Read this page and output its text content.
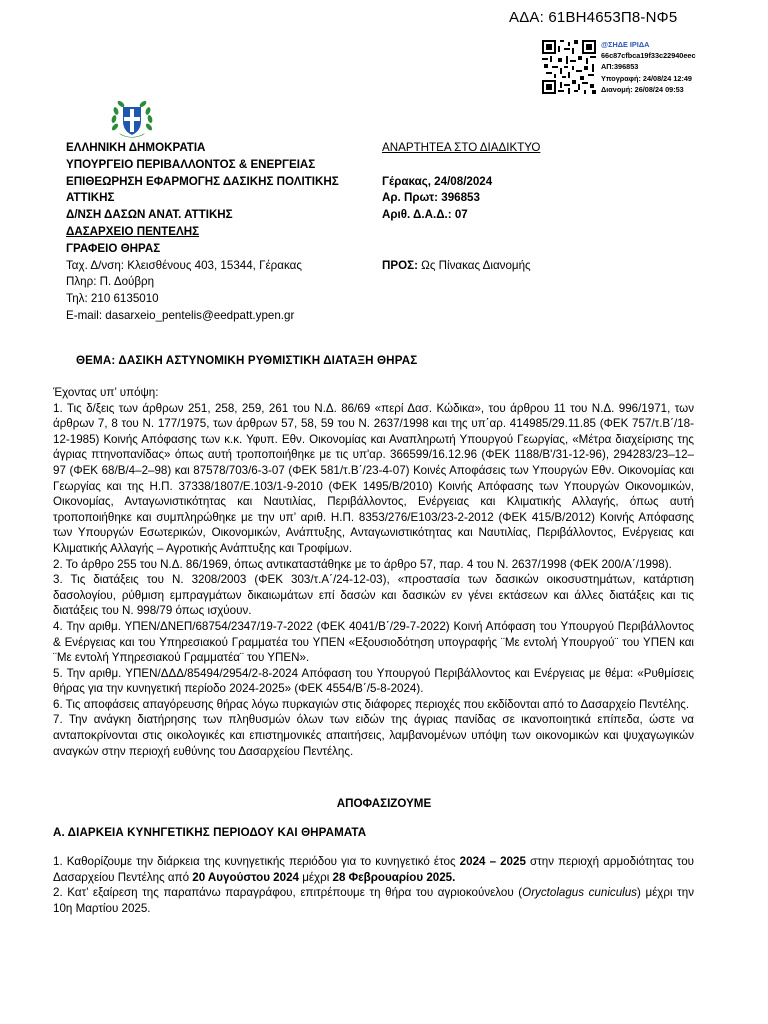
ΑΔΑ: 61ΒΗ4653Π8-ΝΦ5
@ΣΗΔΕ ΙΡΙΔΑ
66c87cfbca19f33c22940eec
ΑΠ:396853
Υπογραφή: 24/08/24 12:49
Διανομή: 26/08/24 09:53
ΕΛΛΗΝΙΚΗ ΔΗΜΟΚΡΑΤΙΑ
ΥΠΟΥΡΓΕΙΟ ΠΕΡΙΒΑΛΛΟΝΤΟΣ & ΕΝΕΡΓΕΙΑΣ
ΕΠΙΘΕΩΡΗΣΗ ΕΦΑΡΜΟΓΗΣ ΔΑΣΙΚΗΣ ΠΟΛΙΤΙΚΗΣ
ΑΤΤΙΚΗΣ
Δ/ΝΣΗ ΔΑΣΩΝ ΑΝΑΤ. ΑΤΤΙΚΗΣ
ΔΑΣΑΡΧΕΙΟ ΠΕΝΤΕΛΗΣ
ΓΡΑΦΕΙΟ ΘΗΡΑΣ
Ταχ. Δ/νση: Κλεισθένους 403, 15344, Γέρακας
Πληρ: Π. Δούβρη
Τηλ: 210 6135010
E-mail: dasarxeio_pentelis@eedpatt.ypen.gr
ΑΝΑΡΤΗΤΕΑ ΣΤΟ ΔΙΑΔΙΚΤΥΟ
Γέρακας, 24/08/2024
Αρ. Πρωτ: 396853
Αριθ. Δ.Α.Δ.: 07
ΠΡΟΣ: Ως Πίνακας Διανομής
ΘΕΜΑ: ΔΑΣΙΚΗ ΑΣΤΥΝΟΜΙΚΗ ΡΥΘΜΙΣΤΙΚΗ ΔΙΑΤΑΞΗ ΘΗΡΑΣ

Έχοντας υπ’ υπόψη:

1. Τις δ/ξεις των άρθρων 251, 258, 259, 261 του Ν.Δ. 86/69 «περί Δασ. Κώδικα», του άρθρου 11 του Ν.Δ. 996/1971, των άρθρων 7, 8 του Ν. 177/1975, των άρθρων 57, 58, 59 του Ν. 2637/1998 και της υπ΄αρ. 414985/29.11.85 (ΦΕΚ 757/τ.Β΄/18-12-1985) Κοινής Απόφασης των κ.κ. Υφυπ. Εθν. Οικονομίας και Αναπληρωτή Υπουργού Γεωργίας, «Μέτρα διαχείρισης της άγριας πτηνοπανίδας» όπως αυτή τροποποιήθηκε με τις υπ'αρ. 366599/16.12.96 (ΦΕΚ 1188/Β'/31-12-96), 294283/23–12–97 (ΦΕΚ 68/Β/4–2–98) και 87578/703/6-3-07 (ΦΕΚ 581/τ.Β΄/23-4-07) Κοινές Αποφάσεις των Υπουργών Εθν. Οικονομίας και Γεωργίας και της Η.Π. 37338/1807/Ε.103/1-9-2010 (ΦΕΚ 1495/Β/2010) Κοινής Απόφασης των Υπουργών Οικονομικών, Οικονομίας, Ανταγωνιστικότητας και Ναυτιλίας, Περιβάλλοντος, Ενέργειας και Κλιματικής Αλλαγής, όπως αυτή τροποποιήθηκε και συμπληρώθηκε με την υπ’ αριθ. Η.Π. 8353/276/Ε103/23-2-2012 (ΦΕΚ 415/Β/2012) Κοινής Απόφασης των Υπουργών Εσωτερικών, Οικονομικών, Ανάπτυξης, Ανταγωνιστικότητας και Ναυτιλίας, Περιβάλλοντος, Ενέργειας και Κλιματικής Αλλαγής – Αγροτικής Ανάπτυξης και Τροφίμων.

2. Το άρθρο 255 του Ν.Δ. 86/1969, όπως αντικαταστάθηκε με το άρθρο 57, παρ. 4 του Ν. 2637/1998 (ΦΕΚ 200/Α΄/1998).

3. Τις διατάξεις του Ν. 3208/2003 (ΦΕΚ 303/τ.Α΄/24-12-03), «προστασία των δασικών οικοσυστημάτων, κατάρτιση δασολογίου, ρύθμιση εμπραγμάτων δικαιωμάτων επί δασών και δασικών εν γένει εκτάσεων και άλλες διατάξεις και τις διατάξεις του Ν. 998/79 όπως ισχύουν.

4. Την αριθμ. ΥΠΕΝ/ΔΝΕΠ/68754/2347/19-7-2022 (ΦΕΚ 4041/Β΄/29-7-2022) Κοινή Απόφαση του Υπουργού Περιβάλλοντος & Ενέργειας και του Υπηρεσιακού Γραμματέα του ΥΠΕΝ «Εξουσιοδότηση υπογραφής ¨Με εντολή Υπουργού¨ του ΥΠΕΝ και ¨Με εντολή Υπηρεσιακού Γραμματέα¨ του ΥΠΕΝ».

5. Την αριθμ. ΥΠΕΝ/ΔΔΔ/85494/2954/2-8-2024 Απόφαση του Υπουργού Περιβάλλοντος και Ενέργειας με θέμα: «Ρυθμίσεις θήρας για την κυνηγετική περίοδο 2024-2025» (ΦΕΚ 4554/Β΄/5-8-2024).

6. Τις αποφάσεις απαγόρευσης θήρας λόγω πυρκαγιών στις διάφορες περιοχές που εκδίδονται από το Δασαρχείο Πεντέλης.

7. Την ανάγκη διατήρησης των πληθυσμών όλων των ειδών της άγριας πανίδας σε ικανοποιητικά επίπεδα, ώστε να ανταποκρίνονται στις οικολογικές και επιστημονικές απαιτήσεις, λαμβανομένων υπόψη των οικονομικών και ψυχαγωγικών αναγκών στην περιοχή ευθύνης του Δασαρχείου Πεντέλης.

ΑΠΟΦΑΣΙΖΟΥΜΕ
Α. ΔΙΑΡΚΕΙΑ ΚΥΝΗΓΕΤΙΚΗΣ ΠΕΡΙΟΔΟΥ ΚΑΙ ΘΗΡΑΜΑΤΑ

1. Καθορίζουμε την διάρκεια της κυνηγετικής περιόδου για το κυνηγετικό έτος 2024 – 2025 στην περιοχή αρμοδιότητας του Δασαρχείου Πεντέλης από 20 Αυγούστου 2024 μέχρι 28 Φεβρουαρίου 2025.

2. Κατ’ εξαίρεση της παραπάνω παραγράφου, επιτρέπουμε τη θήρα του αγριοκούνελου (Oryctolagus cuniculus) μέχρι την 10η Μαρτίου 2025.
